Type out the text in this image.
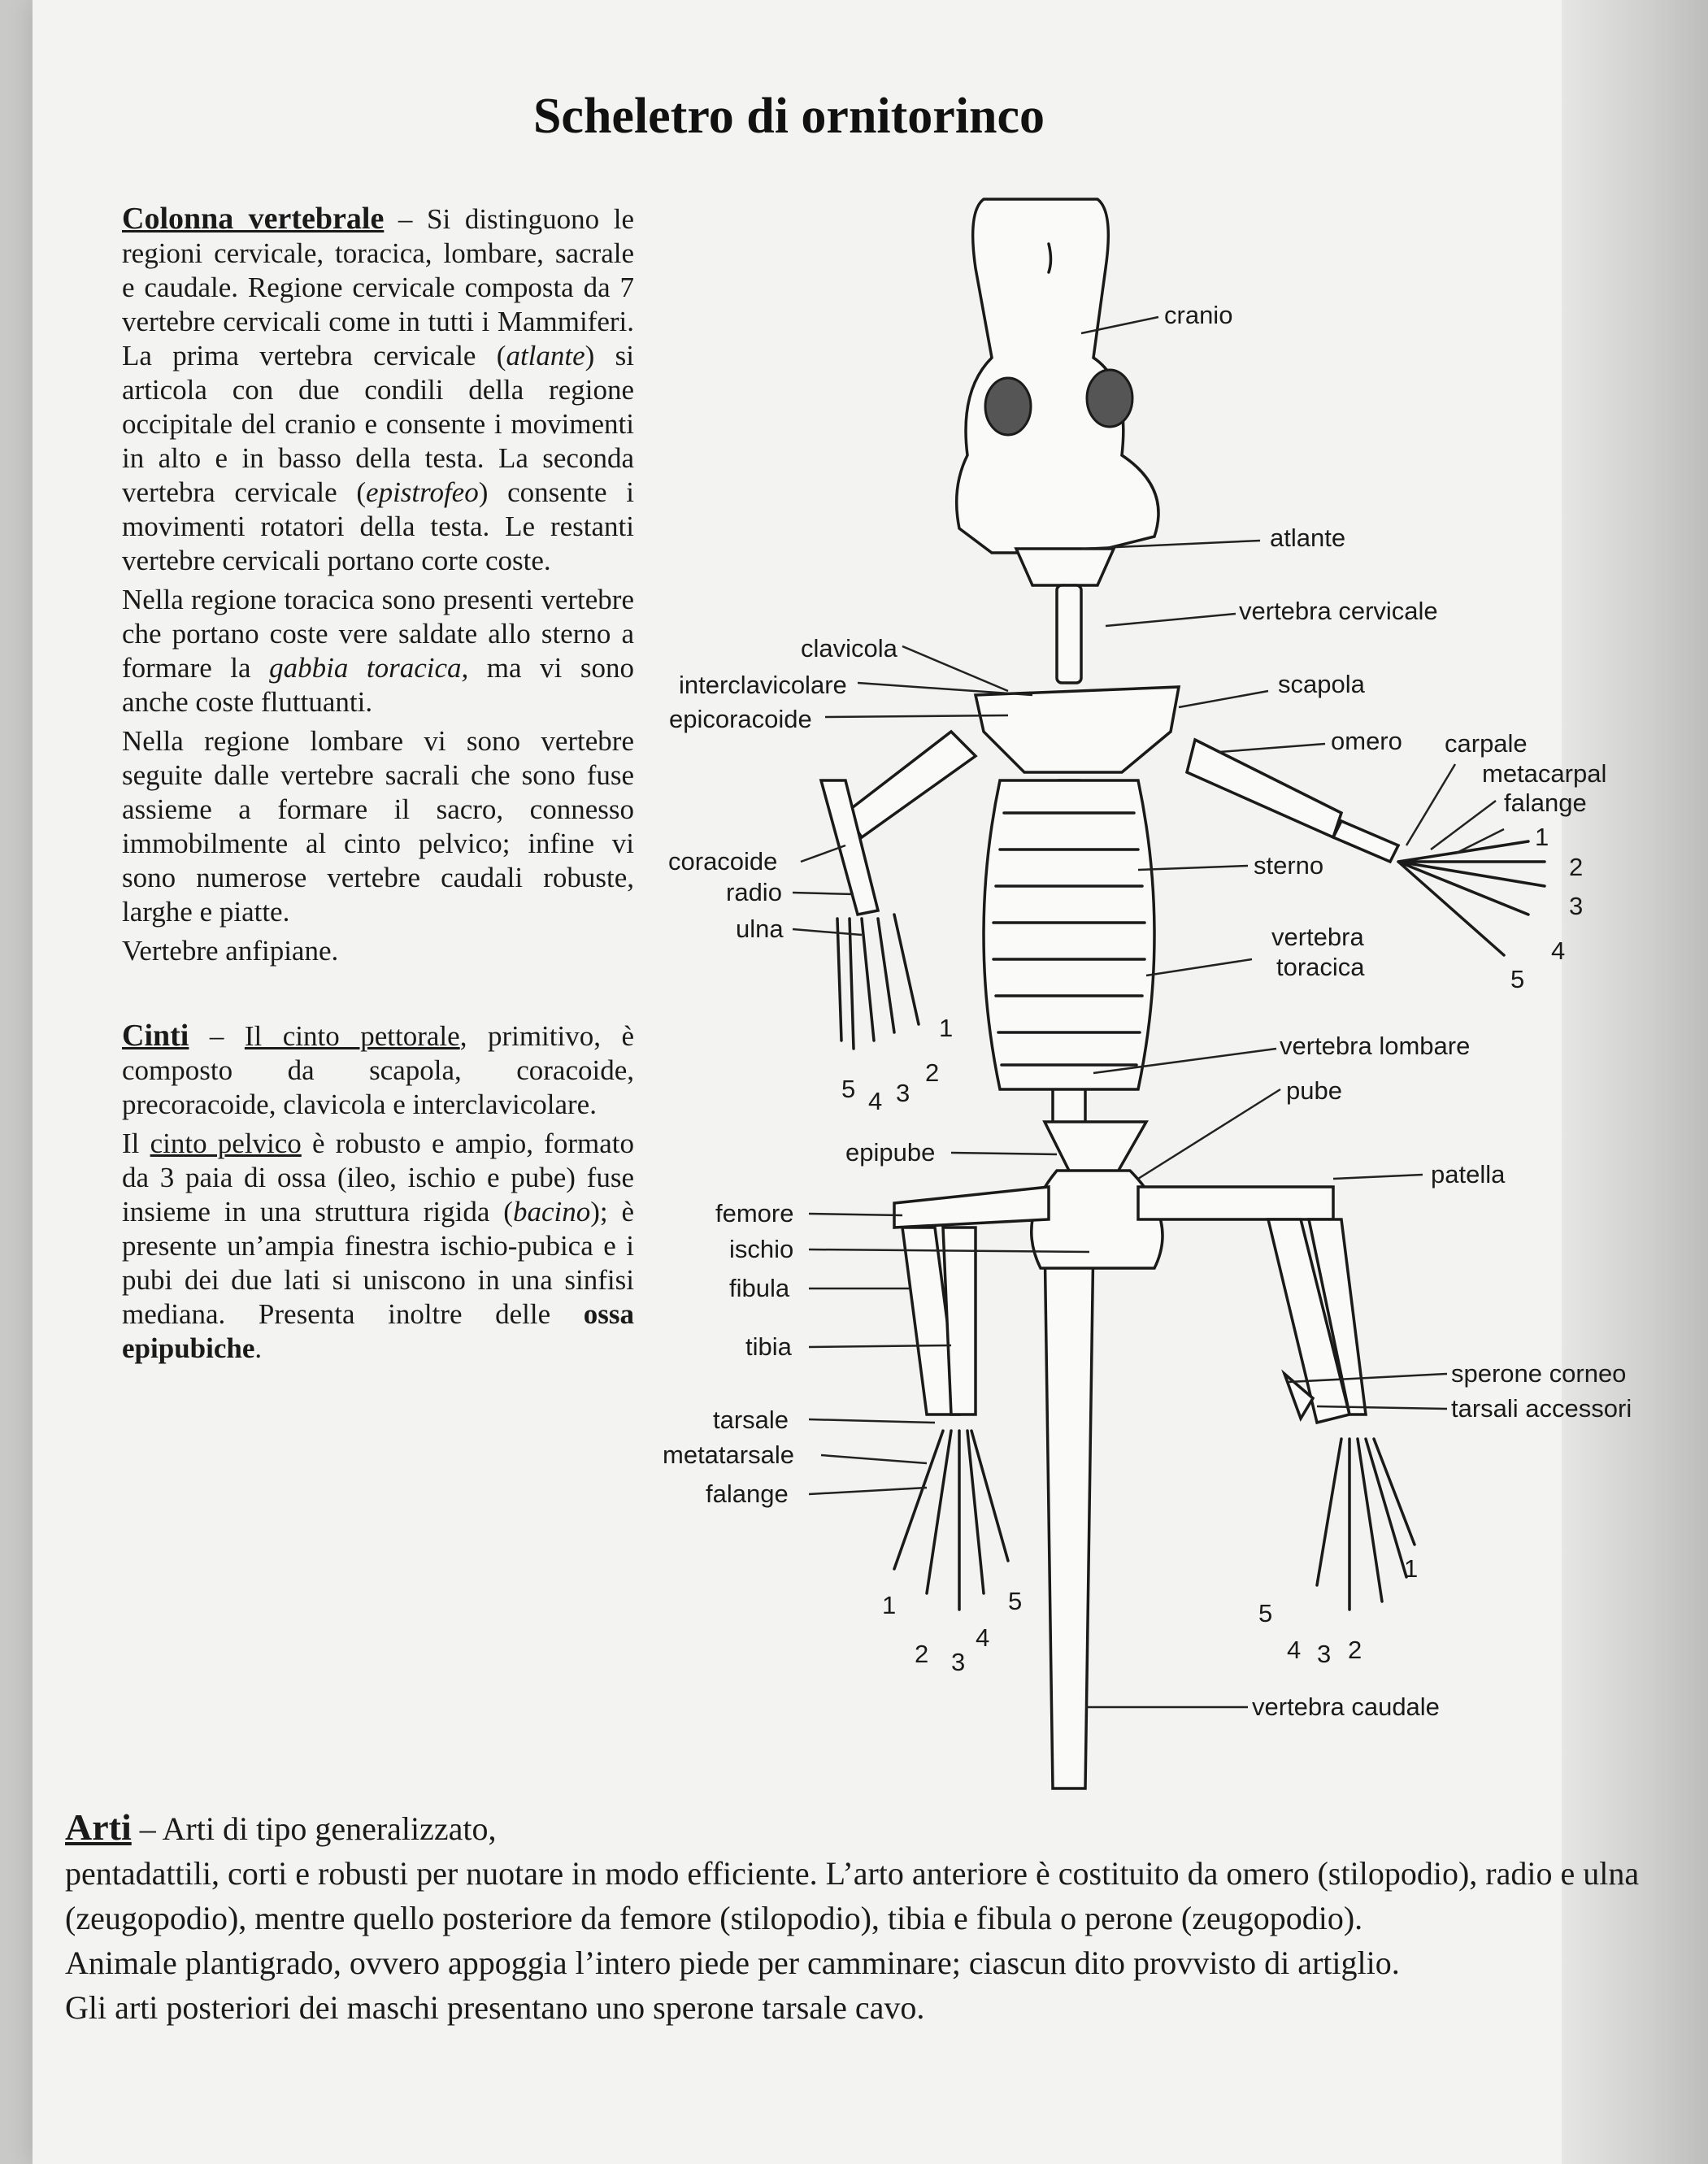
Scheletro di ornitorinco

Colonna vertebrale – Si distinguono le regioni cervicale, toracica, lombare, sacrale e caudale. Regione cervicale composta da 7 vertebre cervicali come in tutti i Mammiferi. La prima vertebra cervicale (atlante) si articola con due condili della regione occipitale del cranio e consente i movimenti in alto e in basso della testa. La seconda vertebra cervicale (epistrofeo) consente i movimenti rotatori della testa. Le restanti vertebre cervicali portano corte coste.

Nella regione toracica sono presenti vertebre che portano coste vere saldate allo sterno a formare la gabbia toracica, ma vi sono anche coste fluttuanti.

Nella regione lombare vi sono vertebre seguite dalle vertebre sacrali che sono fuse assieme a formare il sacro, connesso immobilmente al cinto pelvico; infine vi sono numerose vertebre caudali robuste, larghe e piatte.

Vertebre anfipiane.

Cinti – Il cinto pettorale, primitivo, è composto da scapola, coracoide, precoracoide, clavicola e interclavicolare.

Il cinto pelvico è robusto e ampio, formato da 3 paia di ossa (ileo, ischio e pube) fuse insieme in una struttura rigida (bacino); è presente un’ampia finestra ischio-pubica e i pubi dei due lati si uniscono in una sinfisi mediana. Presenta inoltre delle ossa epipubiche.

Arti – Arti di tipo generalizzato,

pentadattili, corti e robusti per nuotare in modo efficiente. L’arto anteriore è costituito da omero (stilopodio), radio e ulna (zeugopodio), mentre quello posteriore da femore (stilopodio), tibia e fibula o perone (zeugopodio).

Animale plantigrado, ovvero appoggia l’intero piede per camminare; ciascun dito provvisto di artiglio.

Gli arti posteriori dei maschi presentano uno sperone tarsale cavo.

cranio
atlante
vertebra cervicale
clavicola
interclavicolare
epicoracoide
scapola
omero carpale
metacarpal
falange
coracoide
radio
ulna
sterno
vertebra
toracica
vertebra lombare
pube
epipube
patella
femore
ischio
fibula
tibia
sperone corneo
tarsali accessori
tarsale
metatarsale
falange
vertebra caudale
1
2
3
4
5
5 4 3
2
1
1
2 3
4
5	5
4 3 2
1
